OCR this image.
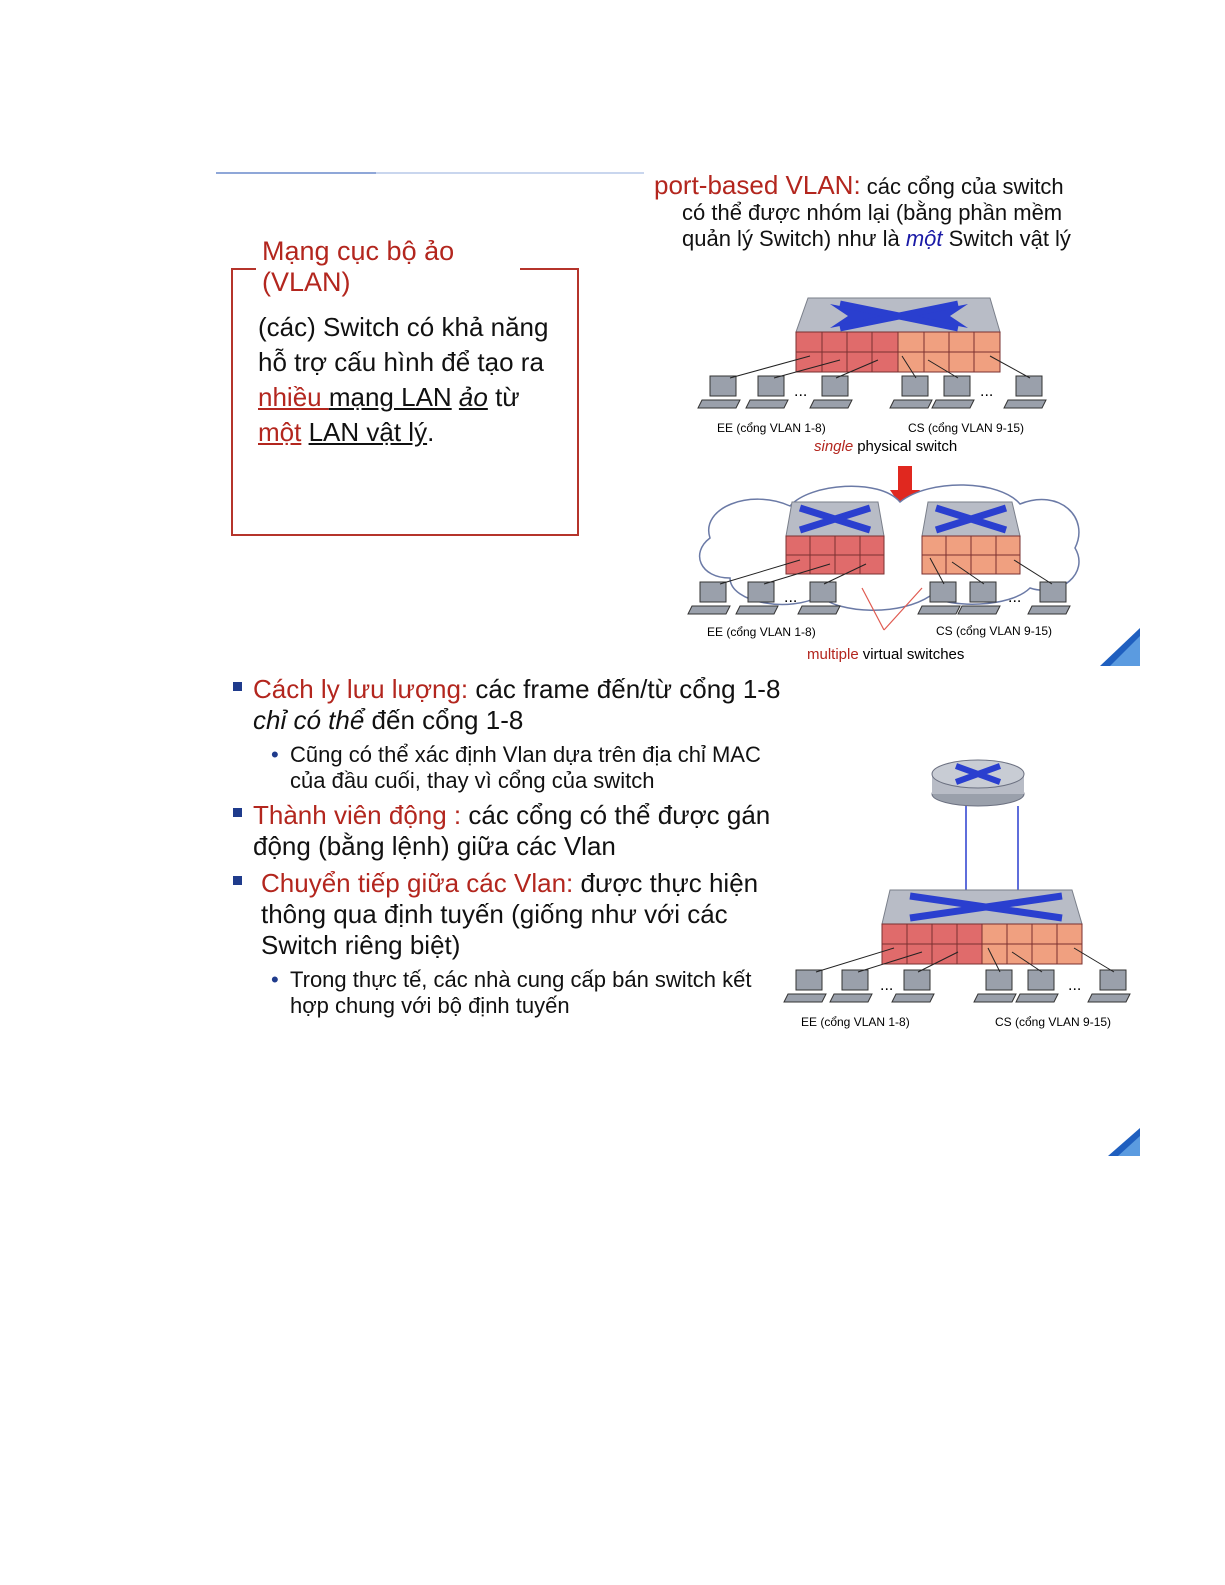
Mạng cục bộ ảo (VLAN)
(các) Switch có khả năng hỗ trợ cấu hình để tạo ra nhiều mạng LAN ảo từ một LAN vật lý.
port-based VLAN: các cổng của switch
có thể được nhóm lại (bằng phần mềm
quản lý Switch) như là một Switch vật lý
...	...
EE (cổng VLAN 1-8)	CS (cổng VLAN 9-15)
single physical switch
...	...
EE (cổng VLAN 1-8)	CS (cổng VLAN 9-15)
multiple virtual switches
Cách ly lưu lượng: các frame đến/từ cổng 1-8 chỉ có thể đến cổng 1-8
• Cũng có thể xác định Vlan dựa trên địa chỉ MAC của đầu cuối, thay vì cổng của switch
Thành viên động : các cổng có thể được gán động (bằng lệnh) giữa các Vlan
Chuyển tiếp giữa các Vlan: được thực hiện thông qua định tuyến (giống như với các Switch riêng biệt)
• Trong thực tế, các nhà cung cấp bán switch kết hợp chung với bộ định tuyến
...	...
EE (cổng VLAN 1-8)	CS (cổng VLAN 9-15)
